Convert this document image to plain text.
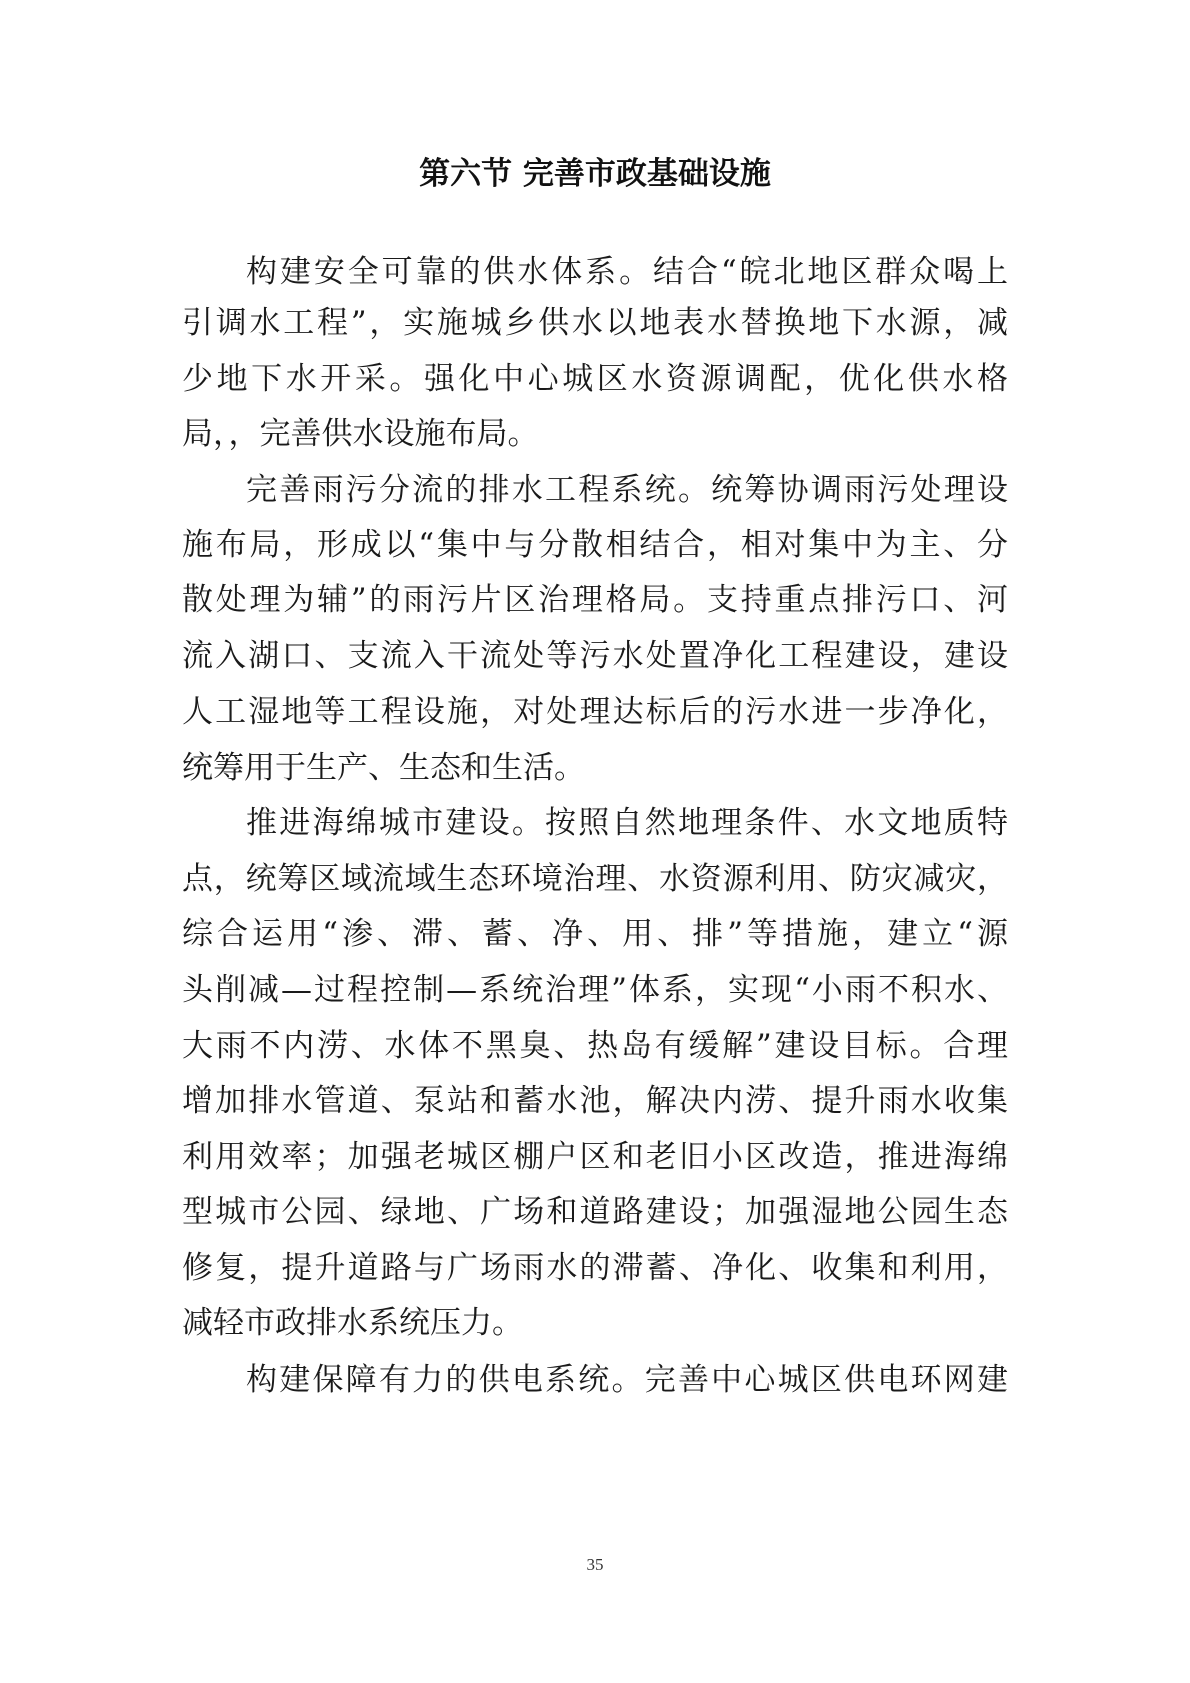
第六节 完善市政基础设施
构建安全可靠的供水体系。结合“皖北地区群众喝上
引调水工程”，实施城乡供水以地表水替换地下水源，减
少地下水开采。强化中心城区水资源调配，优化供水格
局，，完善供水设施布局。
完善雨污分流的排水工程系统。统筹协调雨污处理设
施布局，形成以“集中与分散相结合，相对集中为主、分
散处理为辅”的雨污片区治理格局。支持重点排污口、河
流入湖口、支流入干流处等污水处置净化工程建设，建设
人工湿地等工程设施，对处理达标后的污水进一步净化，
统筹用于生产、生态和生活。
推进海绵城市建设。按照自然地理条件、水文地质特
点，统筹区域流域生态环境治理、水资源利用、防灾减灾，
综合运用“渗、滞、蓄、净、用、排”等措施，建立“源
头削减—过程控制—系统治理”体系，实现“小雨不积水、
大雨不内涝、水体不黑臭、热岛有缓解”建设目标。合理
增加排水管道、泵站和蓄水池，解决内涝、提升雨水收集
利用效率；加强老城区棚户区和老旧小区改造，推进海绵
型城市公园、绿地、广场和道路建设；加强湿地公园生态
修复，提升道路与广场雨水的滞蓄、净化、收集和利用，
减轻市政排水系统压力。
构建保障有力的供电系统。完善中心城区供电环网建
35
